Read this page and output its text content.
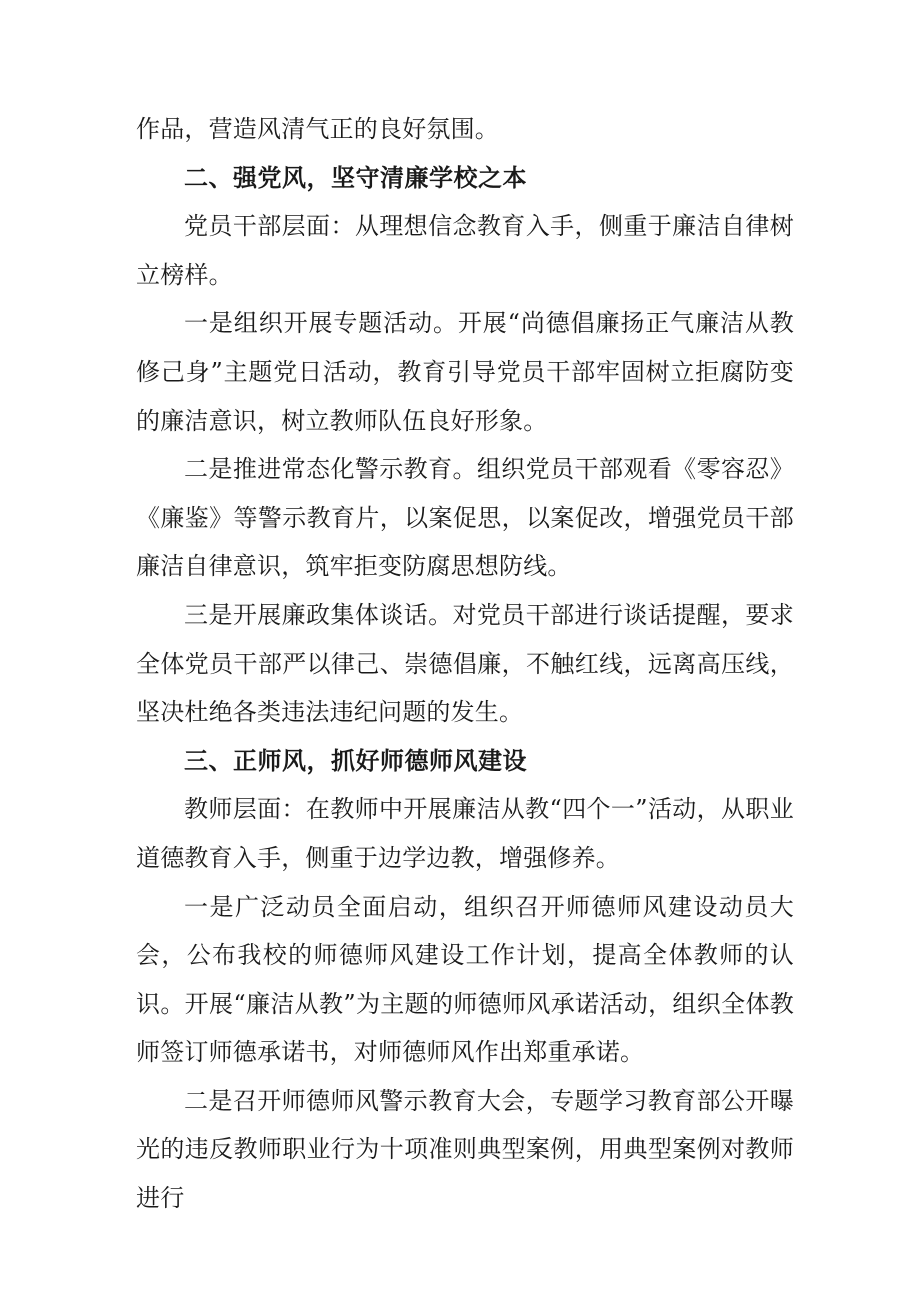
作品，营造风清气正的良好氛围。

二、强党风，坚守清廉学校之本

党员干部层面：从理想信念教育入手，侧重于廉洁自律树立榜样。

一是组织开展专题活动。开展“尚德倡廉扬正气廉洁从教修己身”主题党日活动，教育引导党员干部牢固树立拒腐防变的廉洁意识，树立教师队伍良好形象。

二是推进常态化警示教育。组织党员干部观看《零容忍》《廉鉴》等警示教育片，以案促思，以案促改，增强党员干部廉洁自律意识，筑牢拒变防腐思想防线。

三是开展廉政集体谈话。对党员干部进行谈话提醒，要求全体党员干部严以律己、崇德倡廉，不触红线，远离高压线，坚决杜绝各类违法违纪问题的发生。

三、正师风，抓好师德师风建设

教师层面：在教师中开展廉洁从教“四个一”活动，从职业道德教育入手，侧重于边学边教，增强修养。

一是广泛动员全面启动，组织召开师德师风建设动员大会，公布我校的师德师风建设工作计划，提高全体教师的认识。开展“廉洁从教”为主题的师德师风承诺活动，组织全体教师签订师德承诺书，对师德师风作出郑重承诺。

二是召开师德师风警示教育大会，专题学习教育部公开曝光的违反教师职业行为十项准则典型案例，用典型案例对教师进行
